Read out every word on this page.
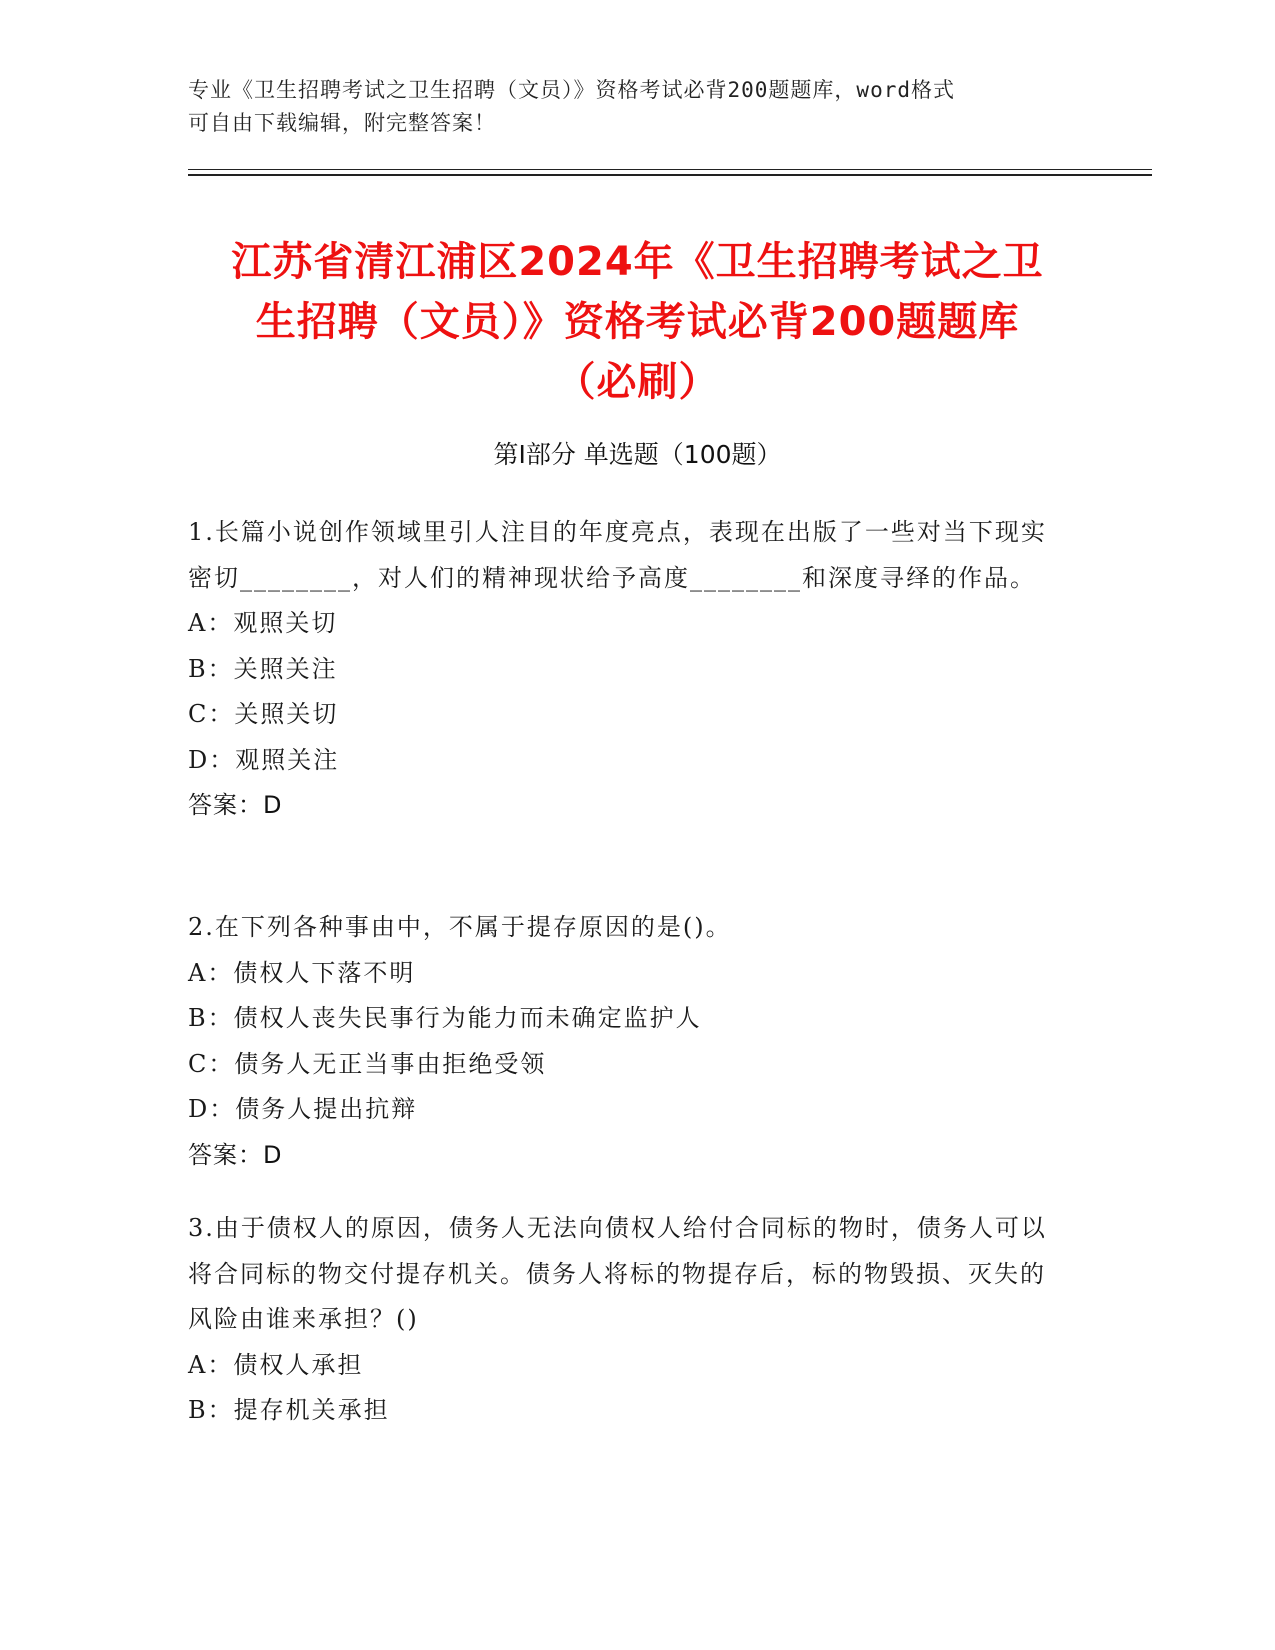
专业《卫生招聘考试之卫生招聘（文员）》资格考试必背200题题库，word格式
可自由下载编辑，附完整答案！
江苏省清江浦区2024年《卫生招聘考试之卫
生招聘（文员）》资格考试必背200题题库
（必刷）
第Ⅰ部分 单选题（100题）

1.长篇小说创作领域里引人注目的年度亮点，表现在出版了一些对当下现实密切________，对人们的精神现状给予高度________和深度寻绎的作品。

A：观照关切

B：关照关注

C：关照关切

D：观照关注

答案：D

2.在下列各种事由中，不属于提存原因的是()。

A：债权人下落不明

B：债权人丧失民事行为能力而未确定监护人

C：债务人无正当事由拒绝受领

D：债务人提出抗辩

答案：D

3.由于债权人的原因，债务人无法向债权人给付合同标的物时，债务人可以将合同标的物交付提存机关。债务人将标的物提存后，标的物毁损、灭失的风险由谁来承担？()

A：债权人承担

B：提存机关承担
